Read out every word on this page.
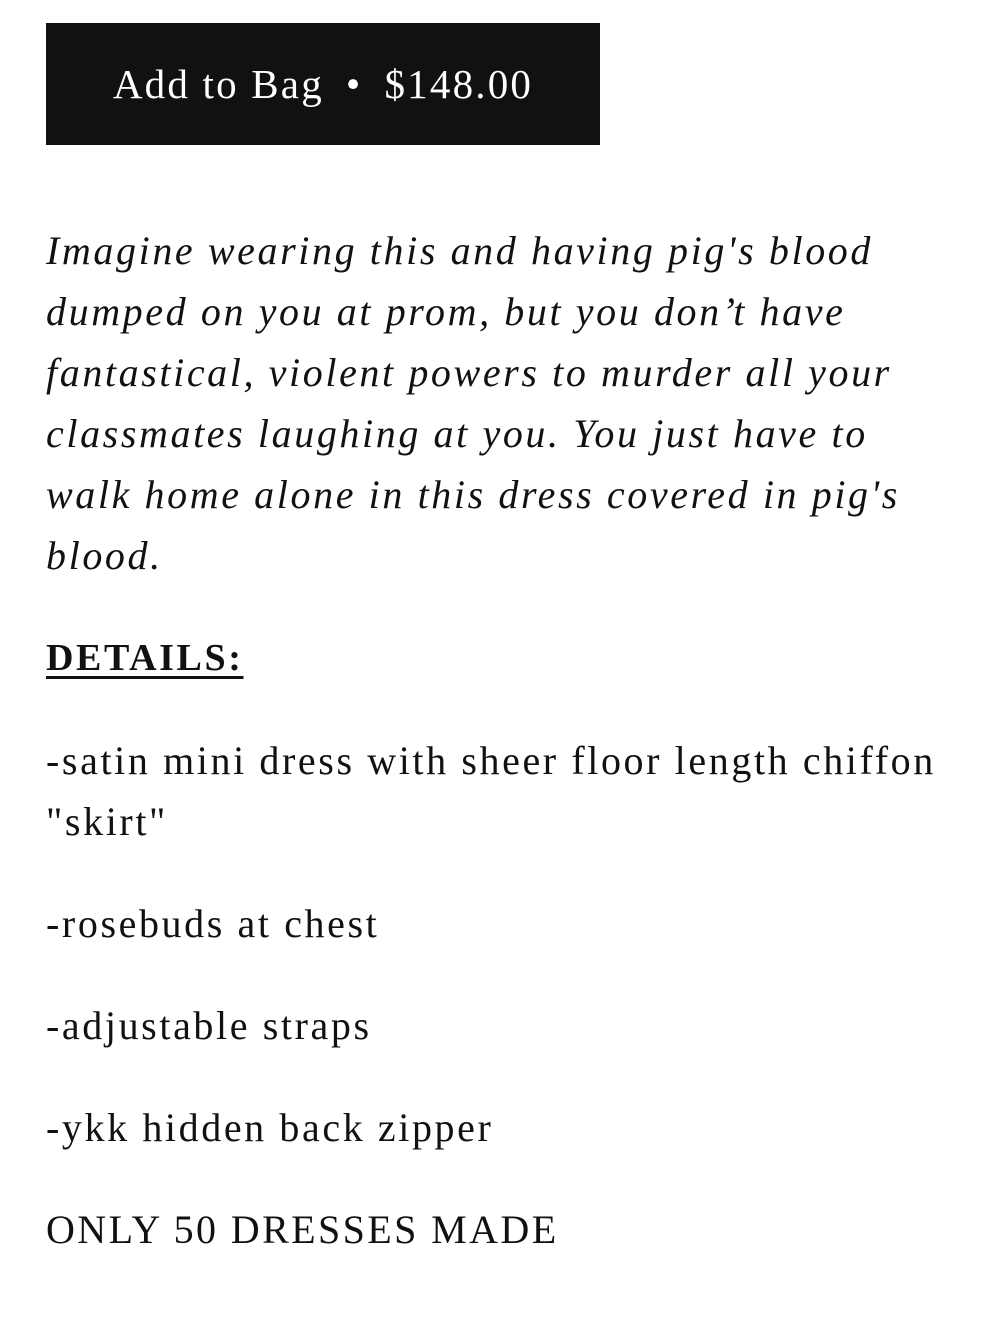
Add to Bag • $148.00

Imagine wearing this and having pig's blood dumped on you at prom, but you don’t have fantastical, violent powers to murder all your classmates laughing at you. You just have to walk home alone in this dress covered in pig's blood.

DETAILS:

-satin mini dress with sheer floor length chiffon "skirt"

-rosebuds at chest

-adjustable straps

-ykk hidden back zipper

ONLY 50 DRESSES MADE
